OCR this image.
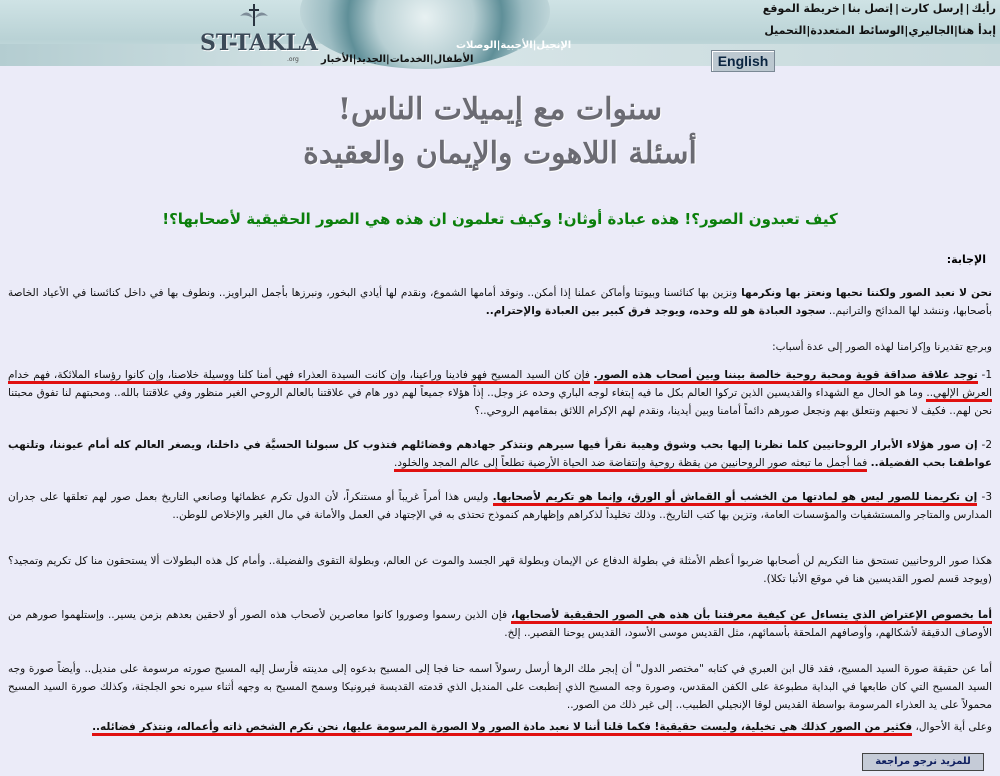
ST-TAKLA
.org
رأيك|إرسل كارت|إتصل بنا|خريطة الموقع
إبدأ هنا|الجاليري|الوسائط المتعددة|التحميل
الأطفال|الخدمات|الجديد|الأخبار
الإنجيل|الأجبية|الوصلات
English
سنوات مع إيميلات الناس!
أسئلة اللاهوت والإيمان والعقيدة
كيف تعبدون الصور؟! هذه عبادة أوثان! وكيف تعلمون ان هذه هي الصور الحقيقية لأصحابها؟!
الإجابة:
نحن لا نعبد الصور ولكننا نحبها ونعتز بها ونكرمها ونزين بها كنائسنا وبيوتنا وأماكن عملنا إذا أمكن.. ونوقد أمامها الشموع، ونقدم لها أيادي البخور، ونبرزها بأجمل البراويز.. ونطوف بها في داخل كنائسنا في الأعياد الخاصة بأصحابها، وننشد لها المدائح والترانيم.. سجود العبادة هو لله وحده، ويوجد فرق كبير بين العبادة والإحترام..
وبرجع تقديرنا وإكرامنا لهذه الصور إلى عدة أسباب:
1- توجد علاقة صداقة قوية ومحبة روحية خالصة بيننا وبين أصحاب هذه الصور. فإن كان السيد المسيح فهو فادينا وراعينا، وإن كانت السيدة العذراء فهي أمنا كلنا ووسيلة خلاصنا، وإن كانوا رؤساء الملائكة، فهم خدام العرش الإلهي.. وما هو الحال مع الشهداء والقديسين الذين تركوا العالم بكل ما فيه إبتغاء لوجه الباري وحده عز وجل.. إذاً هؤلاء جميعاً لهم دور هام في علاقتنا بالعالم الروحي الغير منظور وفي علاقتنا بالله.. ومحبتهم لنا تفوق محبتنا نحن لهم.. فكيف لا نحبهم ونتعلق بهم ونجعل صورهم دائماً أمامنا وبين أيدينا، ونقدم لهم الإكرام اللائق بمقامهم الروحي..؟
2- إن صور هؤلاء الأبرار الروحانيين كلما نظرنا إليها بحب وشوق وهيبة نقرأ فيها سيرهم ونتذكر جهادهم وفضائلهم فتذوب كل سبولنا الحسيَّة في داخلنا، ويصغر العالم كله أمام عيوننا، وتلتهب عواطفنا بحب الفضيلة.. فما أجمل ما تبعثه صور الروحانيين من يقظة روحية وإنتفاضة ضد الحياة الأرضية تطلعاً إلى عالم المجد والخلود.
3- إن تكريمنا للصور ليس هو لمادتها من الخشب أو القماش أو الورق، وإنما هو تكريم لأصحابها. وليس هذا أمراً غريباً أو مستنكراً، لأن الدول تكرم عظمائها وصانعي التاريخ بعمل صور لهم تعلقها على جدران المدارس والمتاجر والمستشفيات والمؤسسات العامة، وتزين بها كتب التاريخ.. وذلك تخليداً لذكراهم وإظهارهم كنموذج تحتذى به في الإجتهاد في العمل والأمانة في مال الغير والإخلاص للوطن..
هكذا صور الروحانيين تستحق منا التكريم لن أصحابها ضربوا أعظم الأمثلة في بطولة الدفاع عن الإيمان وبطولة قهر الجسد والموت عن العالم، وبطولة التقوى والفضيلة.. وأمام كل هذه البطولات ألا يستحقون منا كل تكريم وتمجيد؟ (ويوجد قسم لصور القديسين هنا في موقع الأنبا تكلا).
أما بخصوص الإعتراض الذي يتساءل عن كيفية معرفتنا بأن هذه هي الصور الحقيقية لأصحابها، فإن الذين رسموا وصوروا كانوا معاصرين لأصحاب هذه الصور أو لاحقين بعدهم بزمن يسير.. وإستلهموا صورهم من الأوصاف الدقيقة لأشكالهم، وأوصافهم الملحقة بأسمائهم، مثل القديس موسى الأسود، القديس يوحنا القصير.. إلخ.
أما عن حقيقة صورة السيد المسيح، فقد قال ابن العبري في كتابه "مختصر الدول" أن إبجر ملك الرها أرسل رسولاً اسمه حنا فجا إلى المسيح بدعوه إلى مدينته فأرسل إليه المسيح صورته مرسومة على منديل.. وأيضاً صورة وجه السيد المسيح التي كان طابعها في البداية مطبوعة على الكفن المقدس، وصورة وجه المسيح الذي إنطبعت على المنديل الذي قدمته القديسة فيرونيكا وسمح المسيح به وجهه أثناء سيره نحو الجلجثة، وكذلك صورة السيد المسيح محمولاً على يد العذراء المرسومة بواسطة القديس لوقا الإنجيلي الطبيب.. إلى غير ذلك من الصور..
وعلى أية الأحوال، فكثير من الصور كذلك هي تخيلية، وليست حقيقية! فكما قلنا أننا لا نعبد مادة الصور ولا الصورة المرسومة عليها، نحن نكرم الشخص ذاته وأعماله، ونتذكر فضائله..
للمزيد نرجو مراجعة
